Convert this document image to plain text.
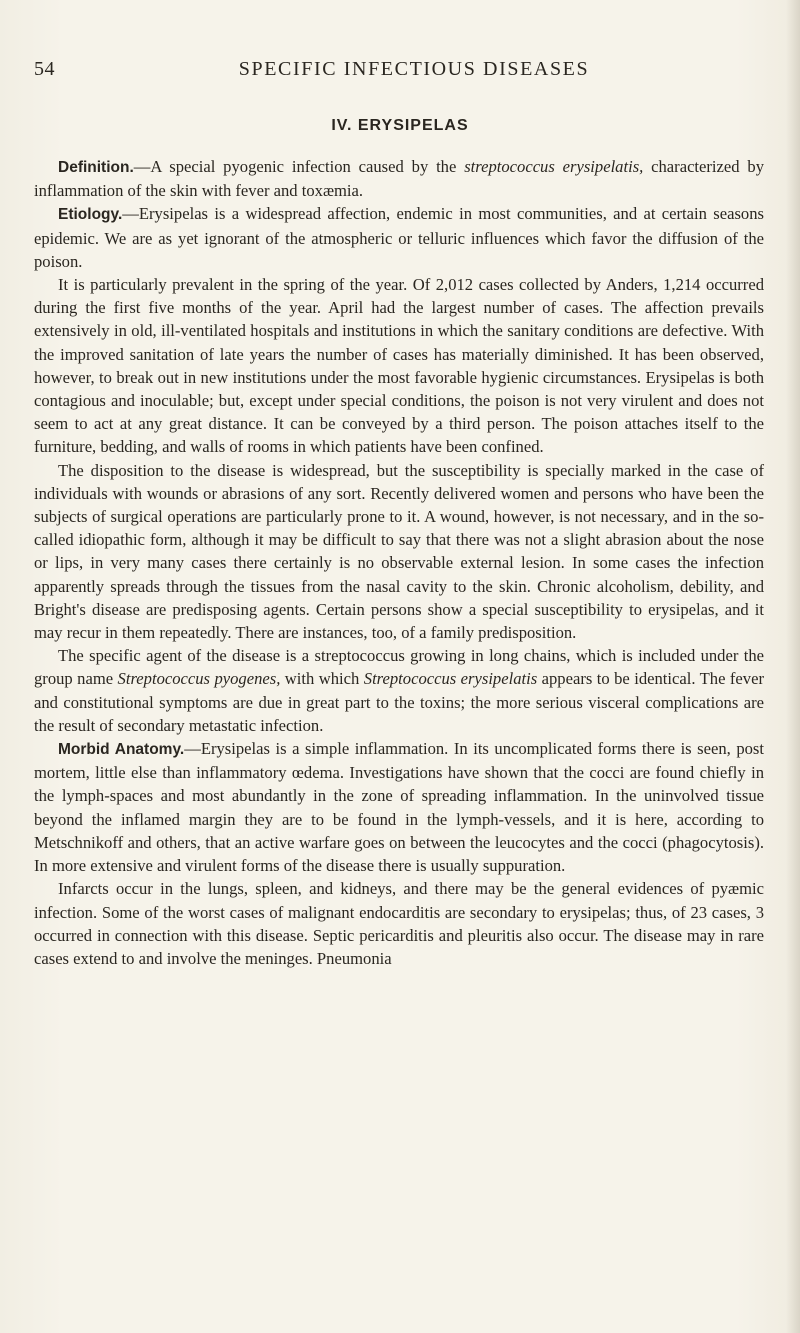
54	SPECIFIC INFECTIOUS DISEASES
IV. ERYSIPELAS

Definition.—A special pyogenic infection caused by the streptococcus erysipelatis, characterized by inflammation of the skin with fever and toxæmia.

Etiology.—Erysipelas is a widespread affection, endemic in most communities, and at certain seasons epidemic. We are as yet ignorant of the atmospheric or telluric influences which favor the diffusion of the poison.

It is particularly prevalent in the spring of the year. Of 2,012 cases collected by Anders, 1,214 occurred during the first five months of the year. April had the largest number of cases. The affection prevails extensively in old, ill-ventilated hospitals and institutions in which the sanitary conditions are defective. With the improved sanitation of late years the number of cases has materially diminished. It has been observed, however, to break out in new institutions under the most favorable hygienic circumstances. Erysipelas is both contagious and inoculable; but, except under special conditions, the poison is not very virulent and does not seem to act at any great distance. It can be conveyed by a third person. The poison attaches itself to the furniture, bedding, and walls of rooms in which patients have been confined.

The disposition to the disease is widespread, but the susceptibility is specially marked in the case of individuals with wounds or abrasions of any sort. Recently delivered women and persons who have been the subjects of surgical operations are particularly prone to it. A wound, however, is not necessary, and in the so-called idiopathic form, although it may be difficult to say that there was not a slight abrasion about the nose or lips, in very many cases there certainly is no observable external lesion. In some cases the infection apparently spreads through the tissues from the nasal cavity to the skin. Chronic alcoholism, debility, and Bright's disease are predisposing agents. Certain persons show a special susceptibility to erysipelas, and it may recur in them repeatedly. There are instances, too, of a family predisposition.

The specific agent of the disease is a streptococcus growing in long chains, which is included under the group name Streptococcus pyogenes, with which Streptococcus erysipelatis appears to be identical. The fever and constitutional symptoms are due in great part to the toxins; the more serious visceral complications are the result of secondary metastatic infection.

Morbid Anatomy.—Erysipelas is a simple inflammation. In its uncomplicated forms there is seen, post mortem, little else than inflammatory œdema. Investigations have shown that the cocci are found chiefly in the lymph-spaces and most abundantly in the zone of spreading inflammation. In the uninvolved tissue beyond the inflamed margin they are to be found in the lymph-vessels, and it is here, according to Metschnikoff and others, that an active warfare goes on between the leucocytes and the cocci (phagocytosis). In more extensive and virulent forms of the disease there is usually suppuration.

Infarcts occur in the lungs, spleen, and kidneys, and there may be the general evidences of pyæmic infection. Some of the worst cases of malignant endocarditis are secondary to erysipelas; thus, of 23 cases, 3 occurred in connection with this disease. Septic pericarditis and pleuritis also occur. The disease may in rare cases extend to and involve the meninges. Pneumonia
